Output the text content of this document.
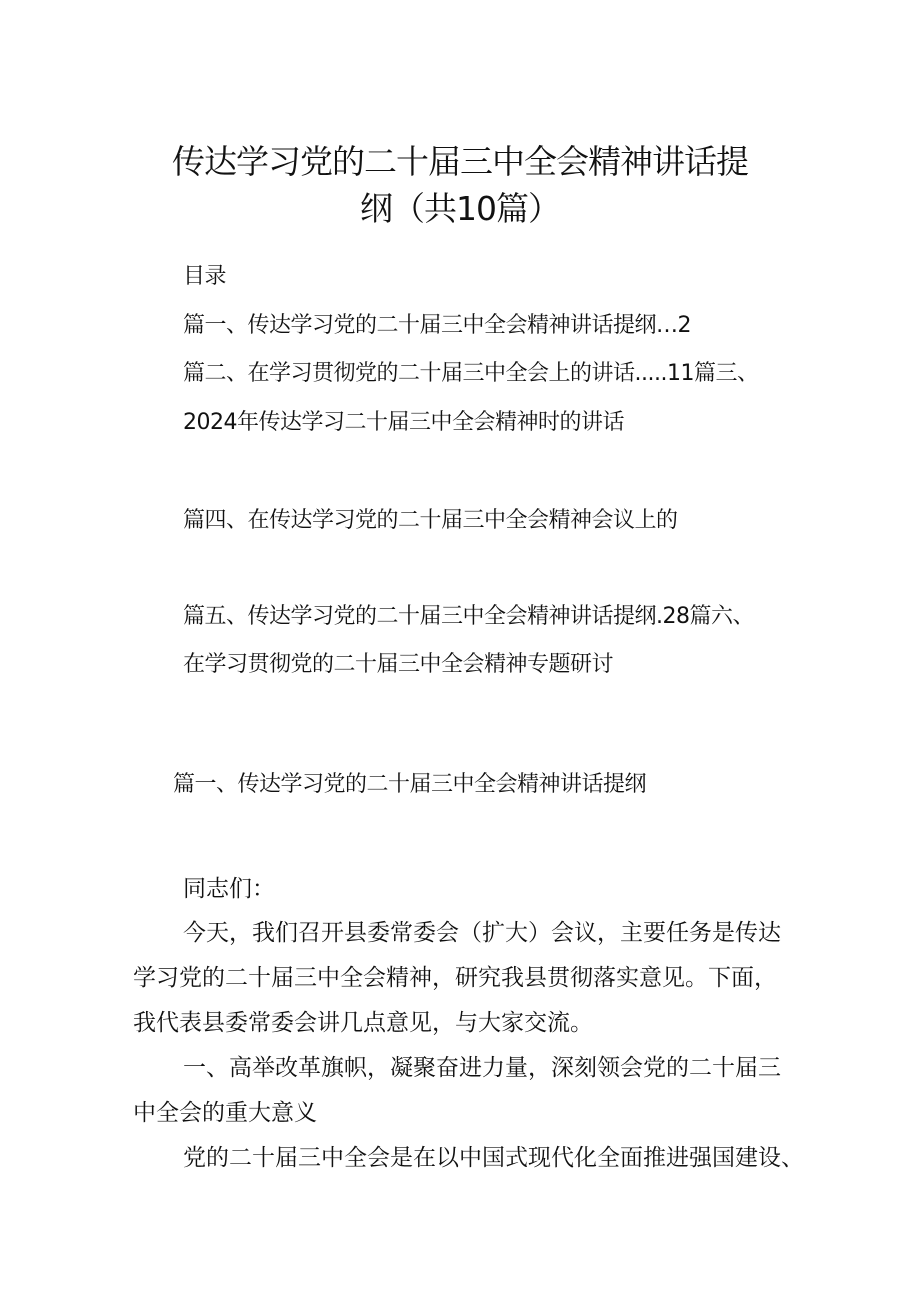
传达学习党的二十届三中全会精神讲话提
纲（共10篇）
目录
篇一、传达学习党的二十届三中全会精神讲话提纲…2
篇二、在学习贯彻党的二十届三中全会上的讲话.....11篇三、
2024年传达学习二十届三中全会精神时的讲话
篇四、在传达学习党的二十届三中全会精神会议上的
篇五、传达学习党的二十届三中全会精神讲话提纲.28篇六、
在学习贯彻党的二十届三中全会精神专题研讨
篇一、传达学习党的二十届三中全会精神讲话提纲
同志们：
今天，我们召开县委常委会（扩大）会议，主要任务是传达
学习党的二十届三中全会精神，研究我县贯彻落实意见。下面，
我代表县委常委会讲几点意见，与大家交流。
一、高举改革旗帜，凝聚奋进力量，深刻领会党的二十届三
中全会的重大意义
党的二十届三中全会是在以中国式现代化全面推进强国建设、
